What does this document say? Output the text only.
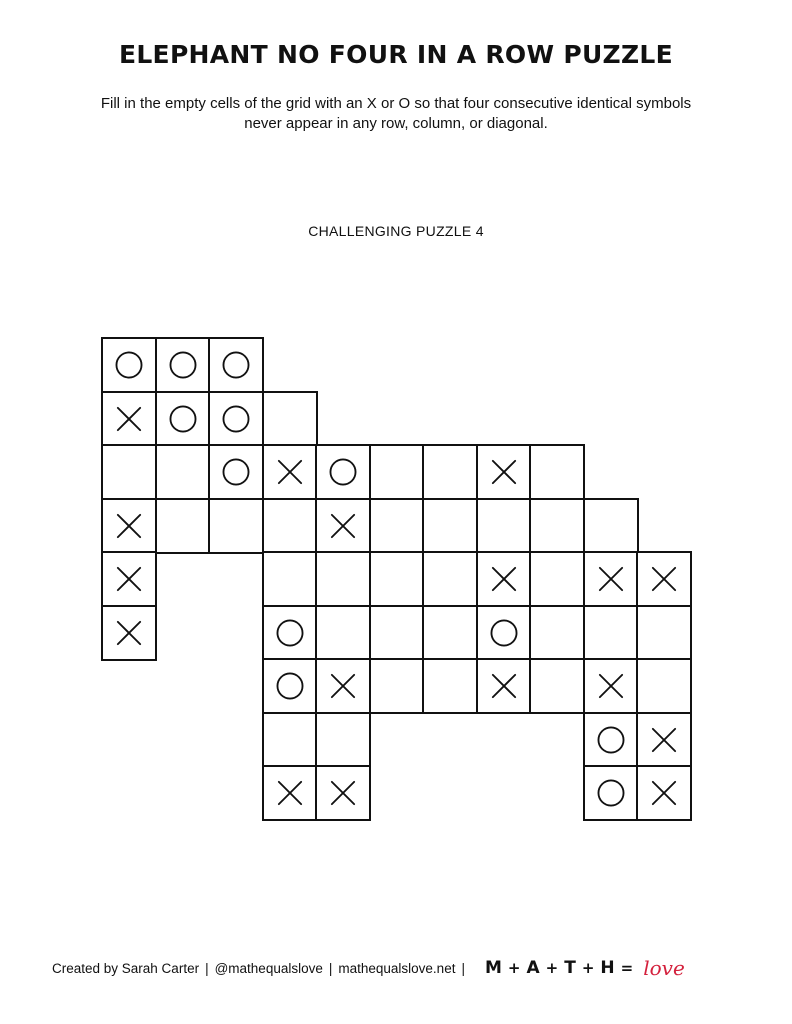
ELEPHANT NO FOUR IN A ROW PUZZLE
Fill in the empty cells of the grid with an X or O so that four consecutive identical symbols
never appear in any row, column, or diagonal.
CHALLENGING PUZZLE 4
Created by Sarah Carter | @mathequalslove | mathequalslove.net | M + A + T + H = love
